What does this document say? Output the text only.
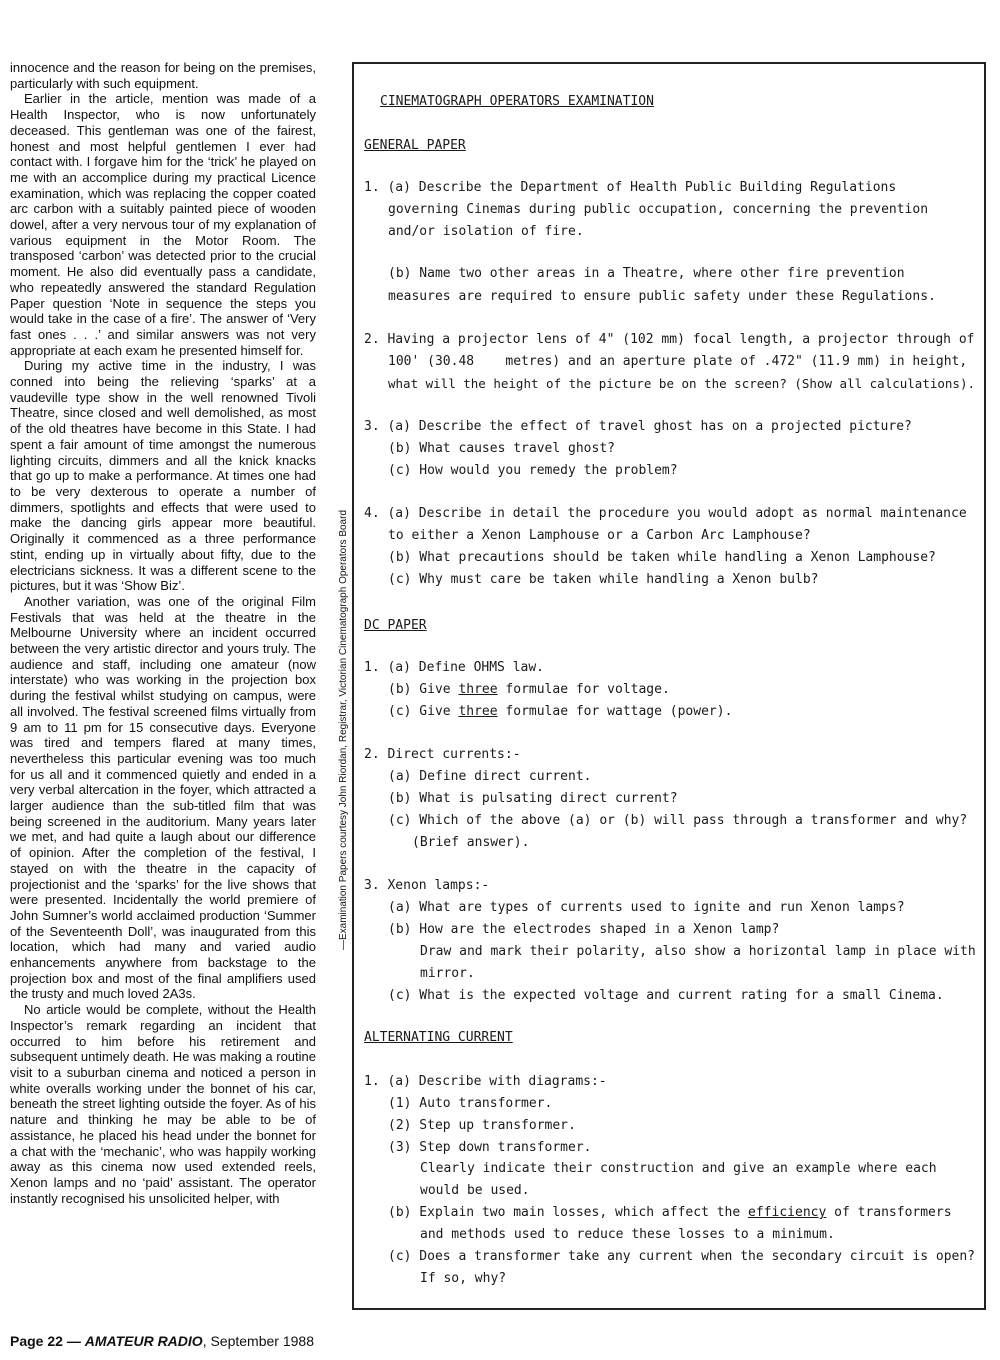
innocence and the reason for being on the premises, particularly with such equipment.

Earlier in the article, mention was made of a Health Inspector, who is now unfortunately deceased. This gentleman was one of the fairest, honest and most helpful gentlemen I ever had contact with. I forgave him for the ‘trick’ he played on me with an accomplice during my practical Licence examination, which was replacing the copper coated arc carbon with a suitably painted piece of wooden dowel, after a very nervous tour of my explanation of various equipment in the Motor Room. The transposed ‘carbon’ was detected prior to the crucial moment. He also did eventually pass a candidate, who repeatedly answered the standard Regulation Paper question ‘Note in sequence the steps you would take in the case of a fire’. The answer of ‘Very fast ones . . .’ and similar answers was not very appropriate at each exam he presented himself for.

During my active time in the industry, I was conned into being the relieving ‘sparks’ at a vaudeville type show in the well renowned Tivoli Theatre, since closed and well demolished, as most of the old theatres have become in this State. I had spent a fair amount of time amongst the numerous lighting circuits, dimmers and all the knick knacks that go up to make a performance. At times one had to be very dexterous to operate a number of dimmers, spotlights and effects that were used to make the dancing girls appear more beautiful. Originally it commenced as a three performance stint, ending up in virtually about fifty, due to the electricians sickness. It was a different scene to the pictures, but it was ‘Show Biz’.

Another variation, was one of the original Film Festivals that was held at the theatre in the Melbourne University where an incident occurred between the very artistic director and yours truly. The audience and staff, including one amateur (now interstate) who was working in the projection box during the festival whilst studying on campus, were all involved. The festival screened films virtually from 9 am to 11 pm for 15 consecutive days. Everyone was tired and tempers flared at many times, nevertheless this particular evening was too much for us all and it commenced quietly and ended in a very verbal altercation in the foyer, which attracted a larger audience than the sub-titled film that was being screened in the auditorium. Many years later we met, and had quite a laugh about our difference of opinion. After the completion of the festival, I stayed on with the theatre in the capacity of projectionist and the ‘sparks’ for the live shows that were presented. Incidentally the world premiere of John Sumner’s world acclaimed production ‘Summer of the Seventeenth Doll’, was inaugurated from this location, which had many and varied audio enhancements anywhere from backstage to the projection box and most of the final amplifiers used the trusty and much loved 2A3s.

No article would be complete, without the Health Inspector’s remark regarding an incident that occurred to him before his retirement and subsequent untimely death. He was making a routine visit to a suburban cinema and noticed a person in white overalls working under the bonnet of his car, beneath the street lighting outside the foyer. As of his nature and thinking he may be able to be of assistance, he placed his head under the bonnet for a chat with the ‘mechanic’, who was happily working away as this cinema now used extended reels, Xenon lamps and no ‘paid’ assistant. The operator instantly recognised his unsolicited helper, with

—Examination Papers courtesy John Riordan, Registrar, Victorian Cinematograph Operators Board
CINEMATOGRAPH OPERATORS EXAMINATION
GENERAL PAPER
1. (a) Describe the Department of Health Public Building Regulations
governing Cinemas during public occupation, concerning the prevention
and/or isolation of fire.
(b) Name two other areas in a Theatre, where other fire prevention
measures are required to ensure public safety under these Regulations.
2. Having a projector lens of 4" (102 mm) focal length, a projector through of
100' (30.48    metres) and an aperture plate of .472" (11.9 mm) in height,
what will the height of the picture be on the screen? (Show all calculations).
3. (a) Describe the effect of travel ghost has on a projected picture?
(b) What causes travel ghost?
(c) How would you remedy the problem?
4. (a) Describe in detail the procedure you would adopt as normal maintenance
to either a Xenon Lamphouse or a Carbon Arc Lamphouse?
(b) What precautions should be taken while handling a Xenon Lamphouse?
(c) Why must care be taken while handling a Xenon bulb?
DC PAPER
1. (a) Define OHMS law.
(b) Give three formulae for voltage.
(c) Give three formulae for wattage (power).
2. Direct currents:-
(a) Define direct current.
(b) What is pulsating direct current?
(c) Which of the above (a) or (b) will pass through a transformer and why?
(Brief answer).
3. Xenon lamps:-
(a) What are types of currents used to ignite and run Xenon lamps?
(b) How are the electrodes shaped in a Xenon lamp?
Draw and mark their polarity, also show a horizontal lamp in place with
mirror.
(c) What is the expected voltage and current rating for a small Cinema.
ALTERNATING CURRENT
1. (a) Describe with diagrams:-
(1) Auto transformer.
(2) Step up transformer.
(3) Step down transformer.
Clearly indicate their construction and give an example where each
would be used.
(b) Explain two main losses, which affect the efficiency of transformers
and methods used to reduce these losses to a minimum.
(c) Does a transformer take any current when the secondary circuit is open?
If so, why?
Page 22 — AMATEUR RADIO, September 1988
